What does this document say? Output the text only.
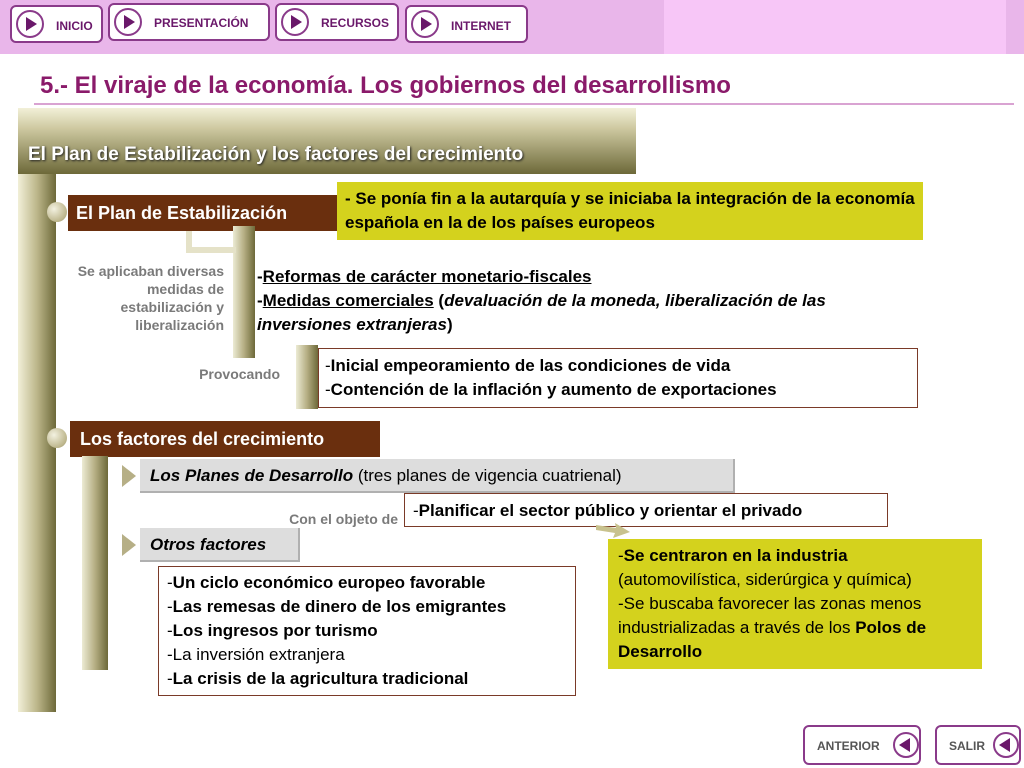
INICIO	PRESENTACIÓN	RECURSOS	INTERNET
5.- El viraje de la economía. Los gobiernos del desarrollismo
El Plan de Estabilización y los factores del crecimiento
El Plan de Estabilización
- Se ponía fin a la autarquía y se iniciaba la integración de la economía española en la de los países europeos
Se aplicaban diversas medidas de estabilización y liberalización
-Reformas de carácter monetario-fiscales
-Medidas comerciales (devaluación de la moneda, liberalización de las inversiones extranjeras)
Provocando	-Inicial empeoramiento de las condiciones de vida
-Contención de la inflación y aumento de exportaciones
Los factores del crecimiento
Los Planes de Desarrollo (tres planes de vigencia cuatrienal)
Con el objeto de -Planificar el sector público y orientar el privado
-Se centraron en la industria
(automovilística, siderúrgica y química)
-Se buscaba favorecer las zonas menos industrializadas a través de los Polos de Desarrollo
Otros factores
-Un ciclo económico europeo favorable
-Las remesas de dinero de los emigrantes
-Los ingresos por turismo
-La inversión extranjera
-La crisis de la agricultura tradicional
ANTERIOR	SALIR
